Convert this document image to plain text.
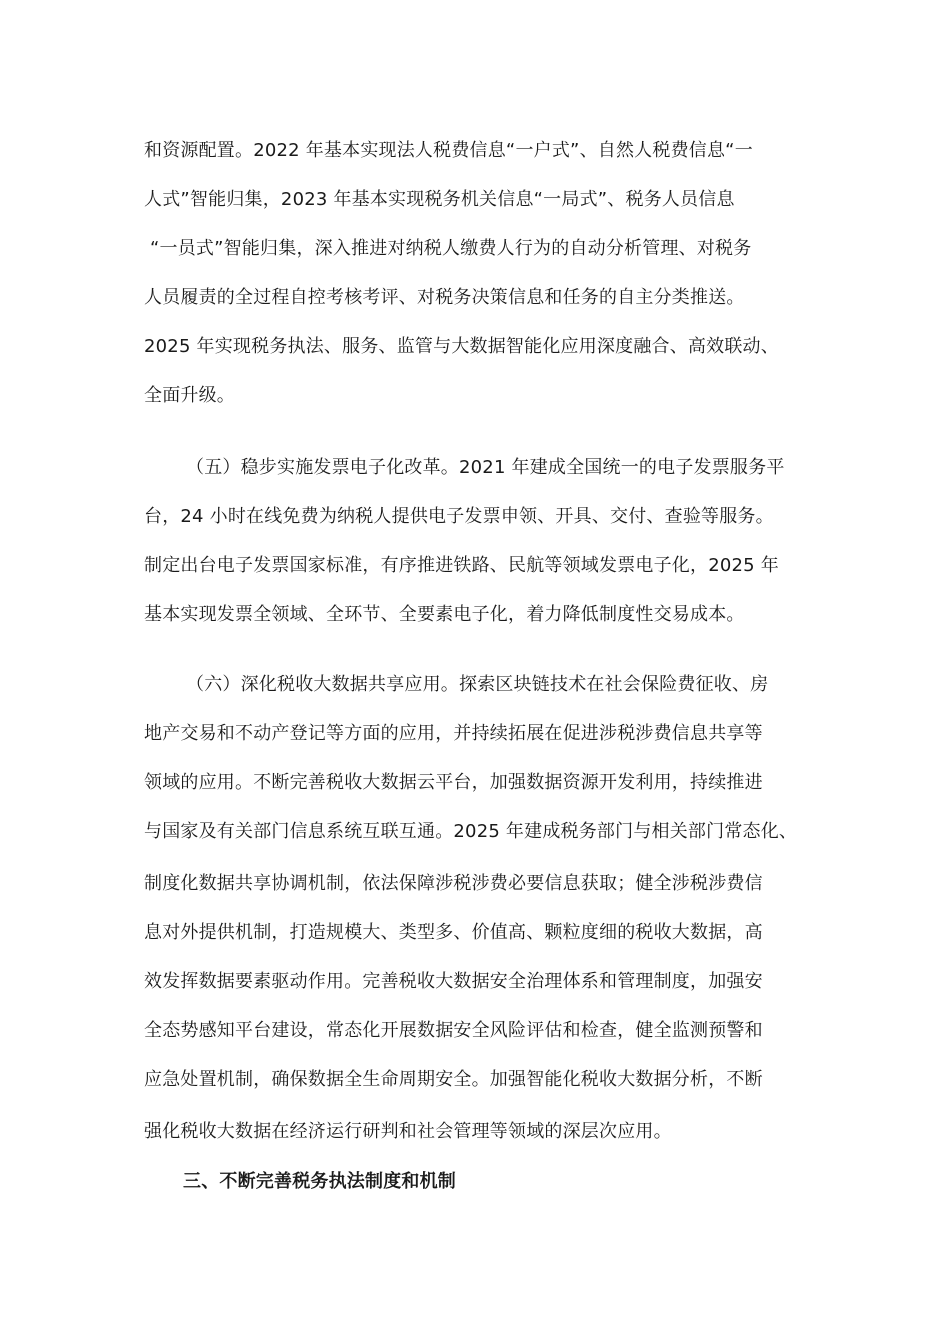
和资源配置。2022 年基本实现法人税费信息“一户式”、自然人税费信息“一
人式”智能归集，2023 年基本实现税务机关信息“一局式”、税务人员信息
“一员式”智能归集，深入推进对纳税人缴费人行为的自动分析管理、对税务
人员履责的全过程自控考核考评、对税务决策信息和任务的自主分类推送。
2025 年实现税务执法、服务、监管与大数据智能化应用深度融合、高效联动、
全面升级。
（五）稳步实施发票电子化改革。2021 年建成全国统一的电子发票服务平
台，24 小时在线免费为纳税人提供电子发票申领、开具、交付、查验等服务。
制定出台电子发票国家标准，有序推进铁路、民航等领域发票电子化，2025 年
基本实现发票全领域、全环节、全要素电子化，着力降低制度性交易成本。
（六）深化税收大数据共享应用。探索区块链技术在社会保险费征收、房
地产交易和不动产登记等方面的应用，并持续拓展在促进涉税涉费信息共享等
领域的应用。不断完善税收大数据云平台，加强数据资源开发利用，持续推进
与国家及有关部门信息系统互联互通。2025 年建成税务部门与相关部门常态化、
制度化数据共享协调机制，依法保障涉税涉费必要信息获取；健全涉税涉费信
息对外提供机制，打造规模大、类型多、价值高、颗粒度细的税收大数据，高
效发挥数据要素驱动作用。完善税收大数据安全治理体系和管理制度，加强安
全态势感知平台建设，常态化开展数据安全风险评估和检查，健全监测预警和
应急处置机制，确保数据全生命周期安全。加强智能化税收大数据分析，不断
强化税收大数据在经济运行研判和社会管理等领域的深层次应用。
三、不断完善税务执法制度和机制
